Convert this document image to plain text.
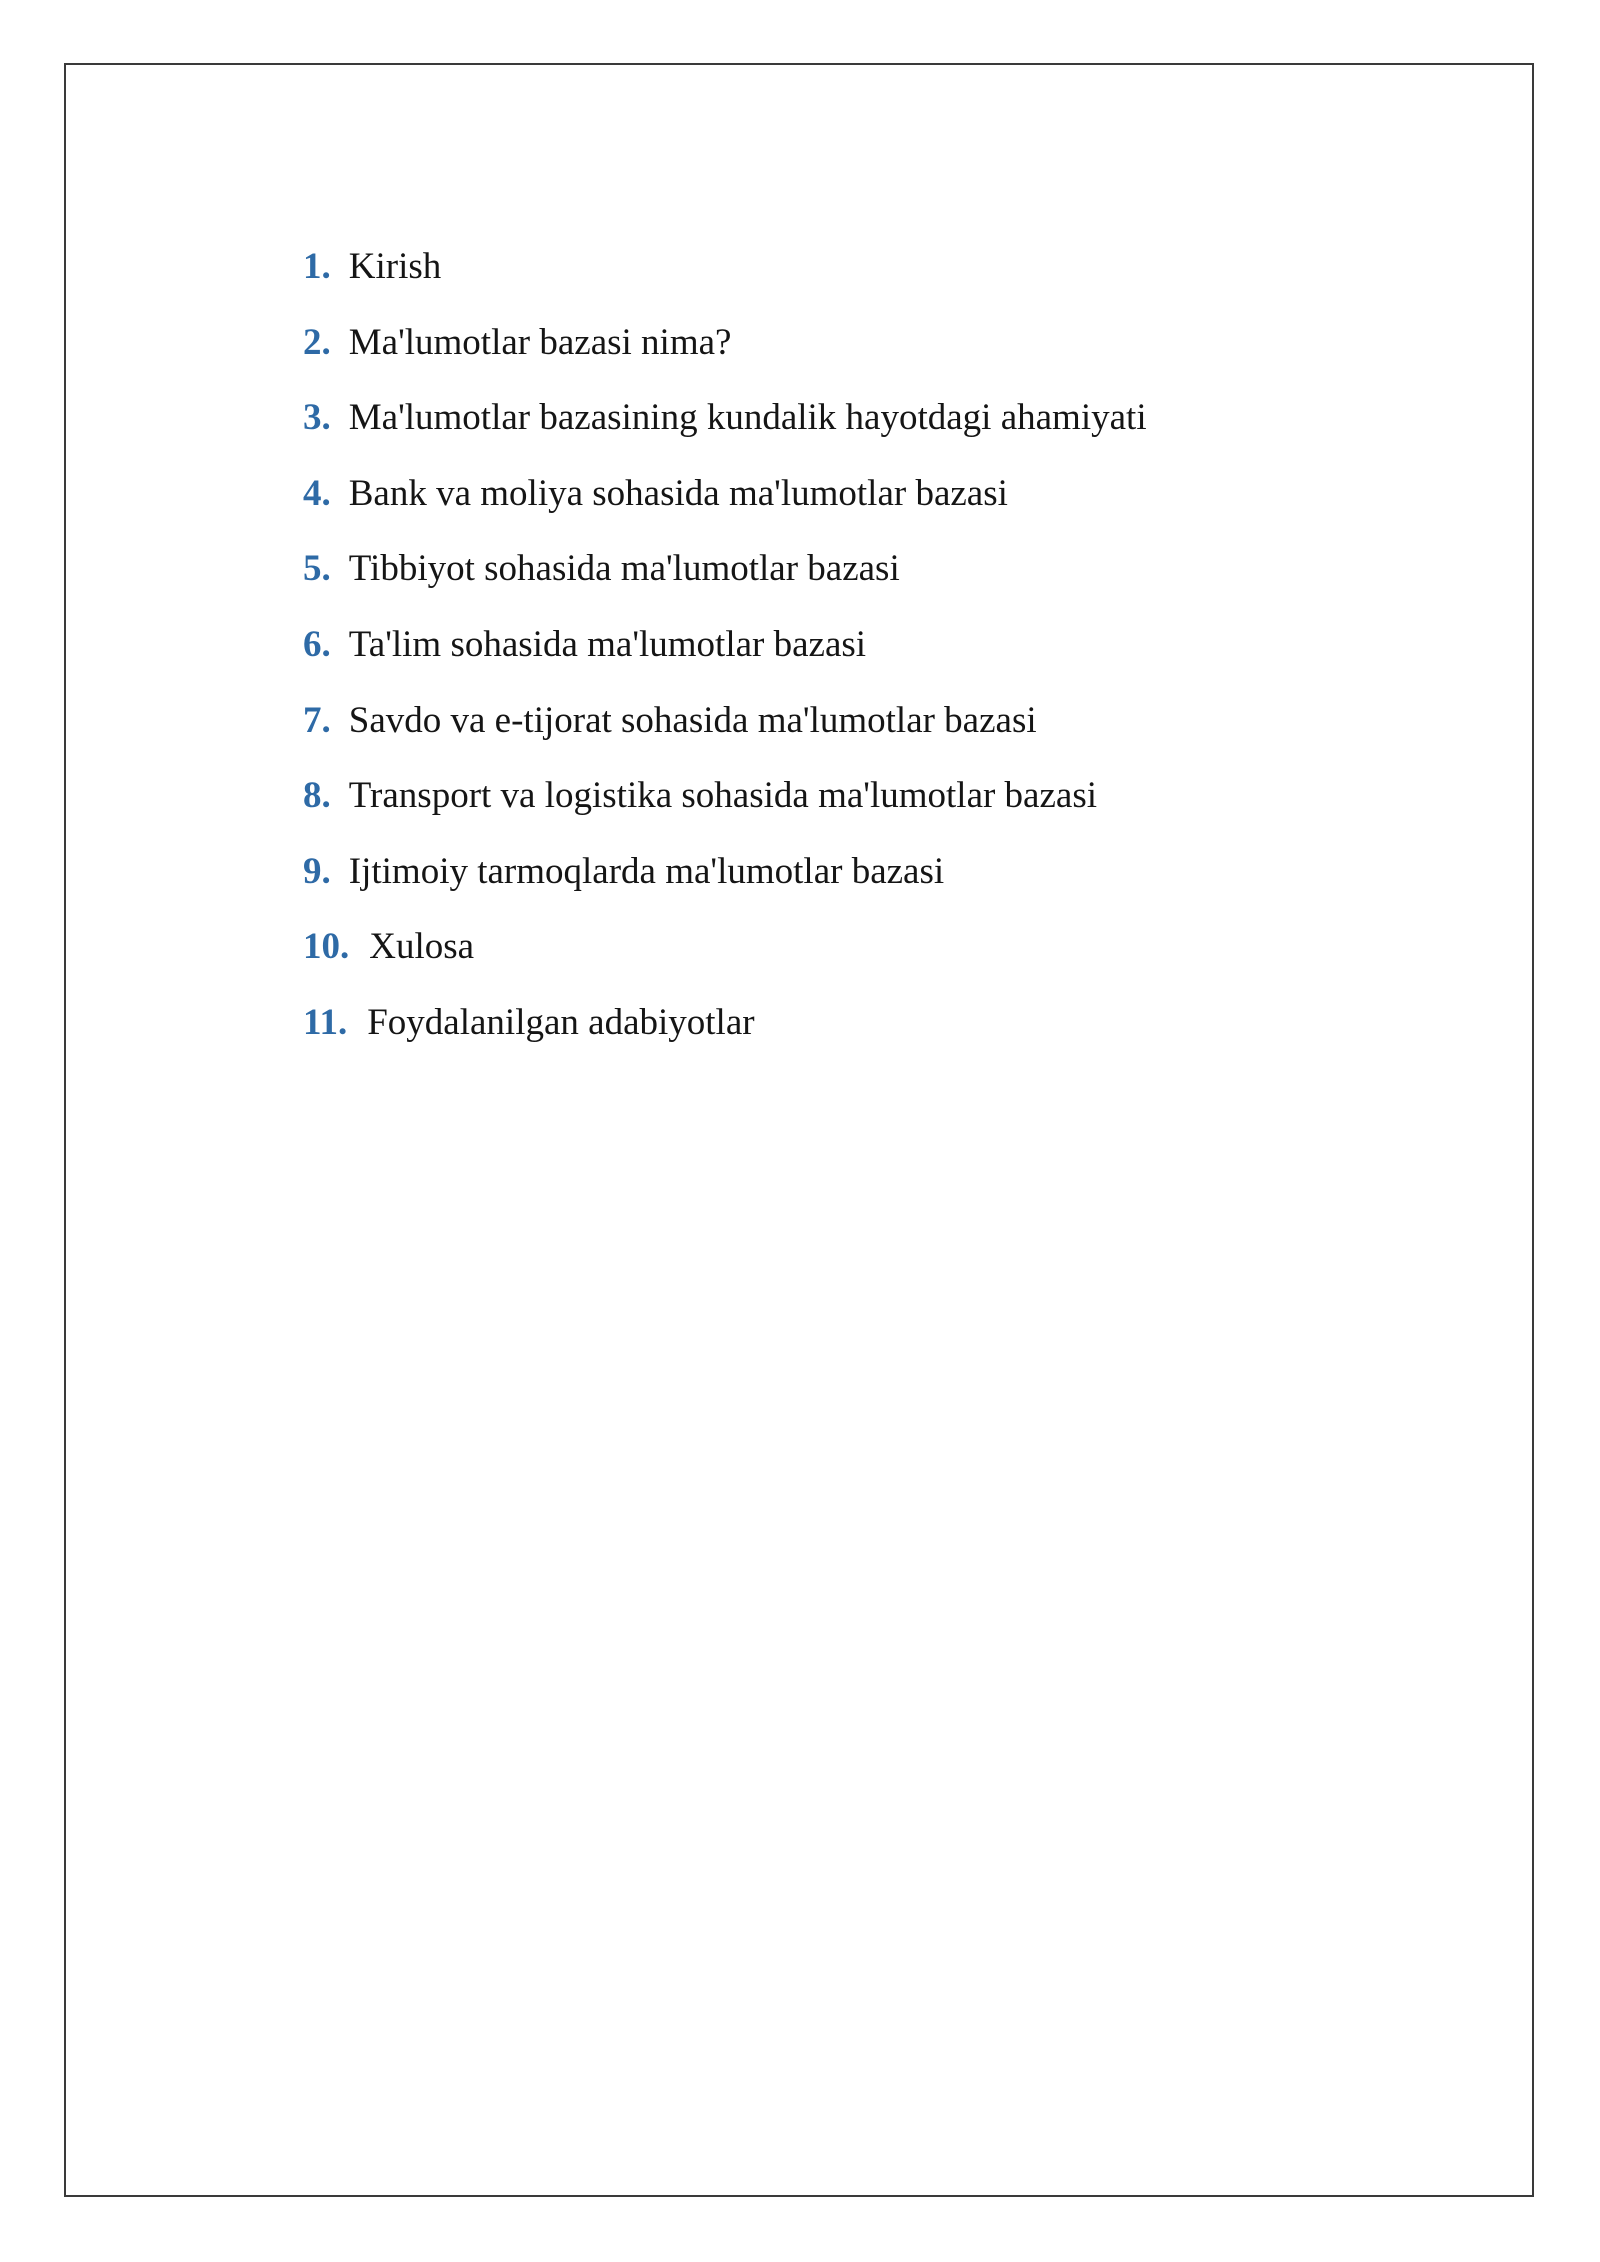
1. Kirish
2. Ma'lumotlar bazasi nima?
3. Ma'lumotlar bazasining kundalik hayotdagi ahamiyati
4. Bank va moliya sohasida ma'lumotlar bazasi
5. Tibbiyot sohasida ma'lumotlar bazasi
6. Ta'lim sohasida ma'lumotlar bazasi
7. Savdo va e-tijorat sohasida ma'lumotlar bazasi
8. Transport va logistika sohasida ma'lumotlar bazasi
9. Ijtimoiy tarmoqlarda ma'lumotlar bazasi
10. Xulosa
11. Foydalanilgan adabiyotlar
